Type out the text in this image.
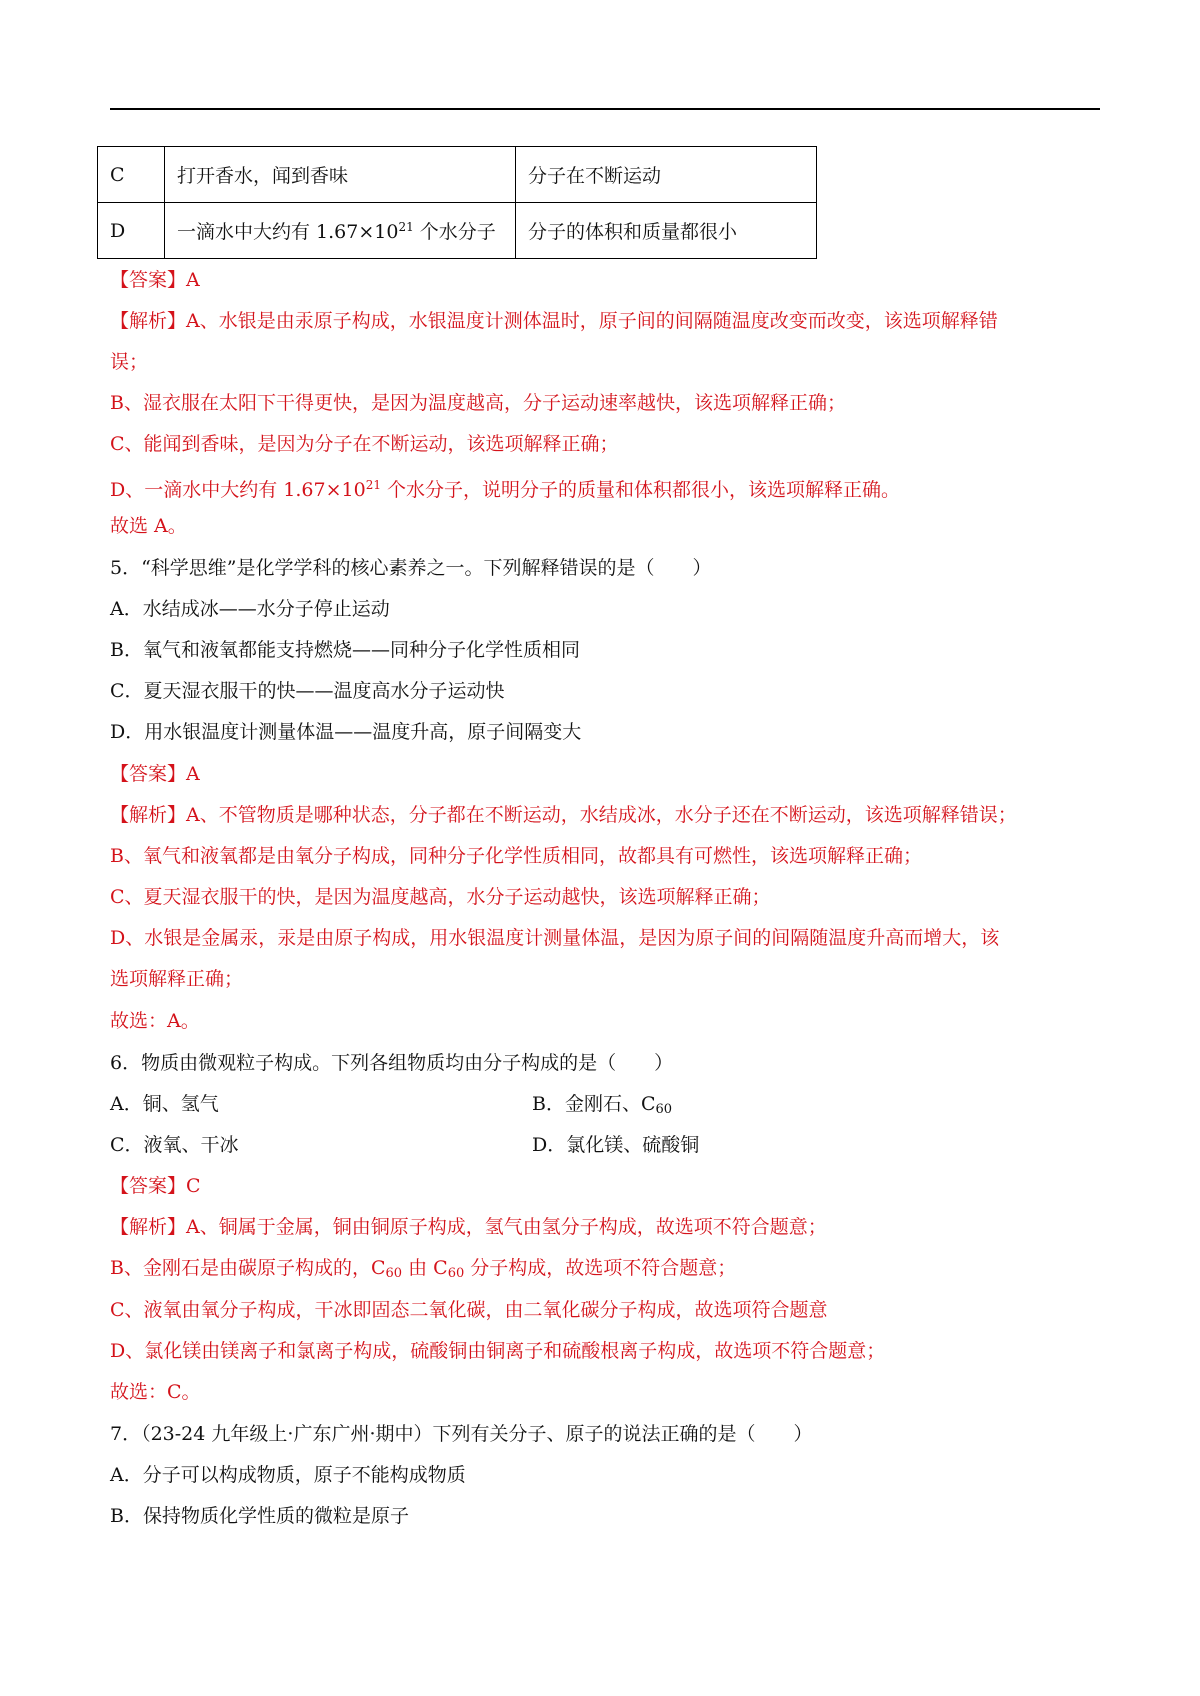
C	打开香水，闻到香味	分子在不断运动
D	一滴水中大约有 $1.67\times 10^{21}$ 个水分子	分子的体积和质量都很小
【答案】A
【解析】A、水银是由汞原子构成，水银温度计测体温时，原子间的间隔随温度改变而改变，该选项解释错
误；
B、湿衣服在太阳下干得更快，是因为温度越高，分子运动速率越快，该选项解释正确；
C、能闻到香味，是因为分子在不断运动，该选项解释正确；
D、一滴水中大约有 $1.67\times 10^{21}$ 个水分子，说明分子的质量和体积都很小，该选项解释正确。
故选 A。
5．“科学思维”是化学学科的核心素养之一。下列解释错误的是（　　）
A．水结成冰——水分子停止运动
B．氧气和液氧都能支持燃烧——同种分子化学性质相同
C．夏天湿衣服干的快——温度高水分子运动快
D．用水银温度计测量体温——温度升高，原子间隔变大
【答案】A
【解析】A、不管物质是哪种状态，分子都在不断运动，水结成冰，水分子还在不断运动，该选项解释错误；
B、氧气和液氧都是由氧分子构成，同种分子化学性质相同，故都具有可燃性，该选项解释正确；
C、夏天湿衣服干的快，是因为温度越高，水分子运动越快，该选项解释正确；
D、水银是金属汞，汞是由原子构成，用水银温度计测量体温，是因为原子间的间隔随温度升高而增大，该
选项解释正确；
故选：A。
6．物质由微观粒子构成。下列各组物质均由分子构成的是（　　）
A．铜、氢气	B．金刚石、$C_{60}$
C．液氧、干冰	D．氯化镁、硫酸铜
【答案】C
【解析】A、铜属于金属，铜由铜原子构成，氢气由氢分子构成，故选项不符合题意；
B、金刚石是由碳原子构成的，$C_{60}$ 由 $C_{60}$ 分子构成，故选项不符合题意；
C、液氧由氧分子构成，干冰即固态二氧化碳，由二氧化碳分子构成，故选项符合题意
D、氯化镁由镁离子和氯离子构成，硫酸铜由铜离子和硫酸根离子构成，故选项不符合题意；
故选：C。
7．（23-24 九年级上·广东广州·期中）下列有关分子、原子的说法正确的是（　　）
A．分子可以构成物质，原子不能构成物质
B．保持物质化学性质的微粒是原子
